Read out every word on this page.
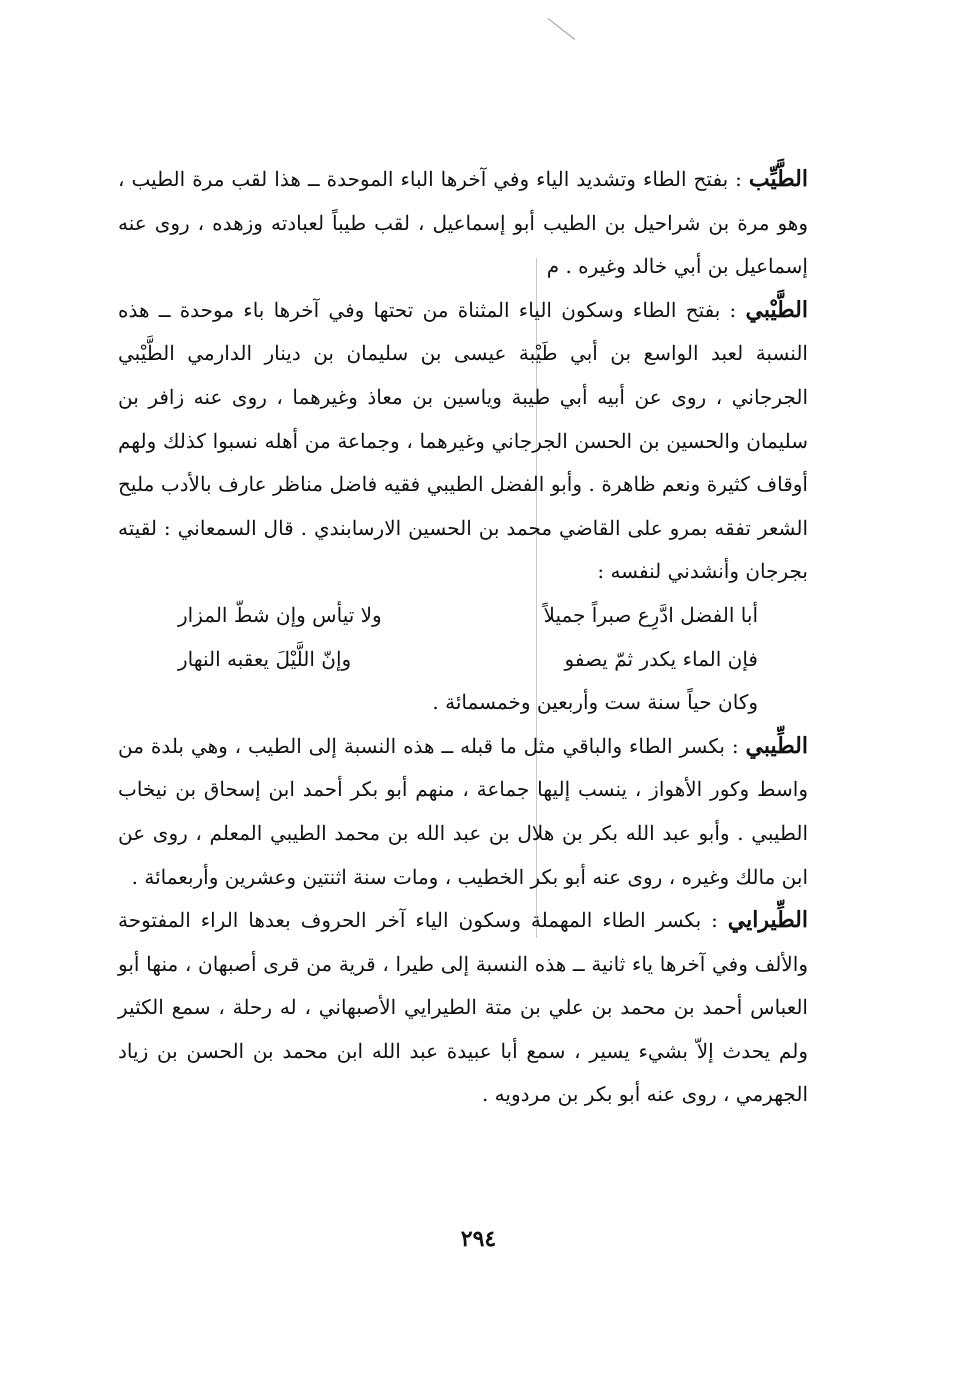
الطَّيِّب : بفتح الطاء وتشديد الياء وفي آخرها الباء الموحدة ــ هذا لقب مرة الطيب ، وهو مرة بن شراحيل بن الطيب أبو إسماعيل ، لقب طيباً لعبادته وزهده ، روى عنه إسماعيل بن أبي خالد وغيره . م
الطَّيْبي : بفتح الطاء وسكون الياء المثناة من تحتها وفي آخرها باء موحدة ــ هذه النسبة لعبد الواسع بن أبي طَيْبة عيسى بن سليمان بن دينار الدارمي الطَّيْبي الجرجاني ، روى عن أبيه أبي طيبة وياسين بن معاذ وغيرهما ، روى عنه زافر بن سليمان والحسين بن الحسن الجرجاني وغيرهما ، وجماعة من أهله نسبوا كذلك ولهم أوقاف كثيرة ونعم ظاهرة . وأبو الفضل الطيبي فقيه فاضل مناظر عارف بالأدب مليح الشعر تفقه بمرو على القاضي محمد بن الحسين الارسابندي . قال السمعاني : لقيته بجرجان وأنشدني لنفسه :
أبا الفضل ادَّرِع صبراً جميلاً
ولا تيأس وإن شطّ المزار
فإن الماء يكدر ثمّ يصفو
وإنّ اللَّيْلَ يعقبه النهار
وكان حياً سنة ست وأربعين وخمسمائة .
الطِّيبي : بكسر الطاء والباقي مثل ما قبله ــ هذه النسبة إلى الطيب ، وهي بلدة من واسط وكور الأهواز ، ينسب إليها جماعة ، منهم أبو بكر أحمد ابن إسحاق بن نيخاب الطيبي . وأبو عبد الله بكر بن هلال بن عبد الله بن محمد الطيبي المعلم ، روى عن ابن مالك وغيره ، روى عنه أبو بكر الخطيب ، ومات سنة اثنتين وعشرين وأربعمائة .
الطِّيرايي : بكسر الطاء المهملة وسكون الياء آخر الحروف بعدها الراء المفتوحة والألف وفي آخرها ياء ثانية ــ هذه النسبة إلى طيرا ، قرية من قرى أصبهان ، منها أبو العباس أحمد بن محمد بن علي بن متة الطيرايي الأصبهاني ، له رحلة ، سمع الكثير ولم يحدث إلاّ بشيء يسير ، سمع أبا عبيدة عبد الله ابن محمد بن الحسن بن زياد الجهرمي ، روى عنه أبو بكر بن مردويه .
٢٩٤
